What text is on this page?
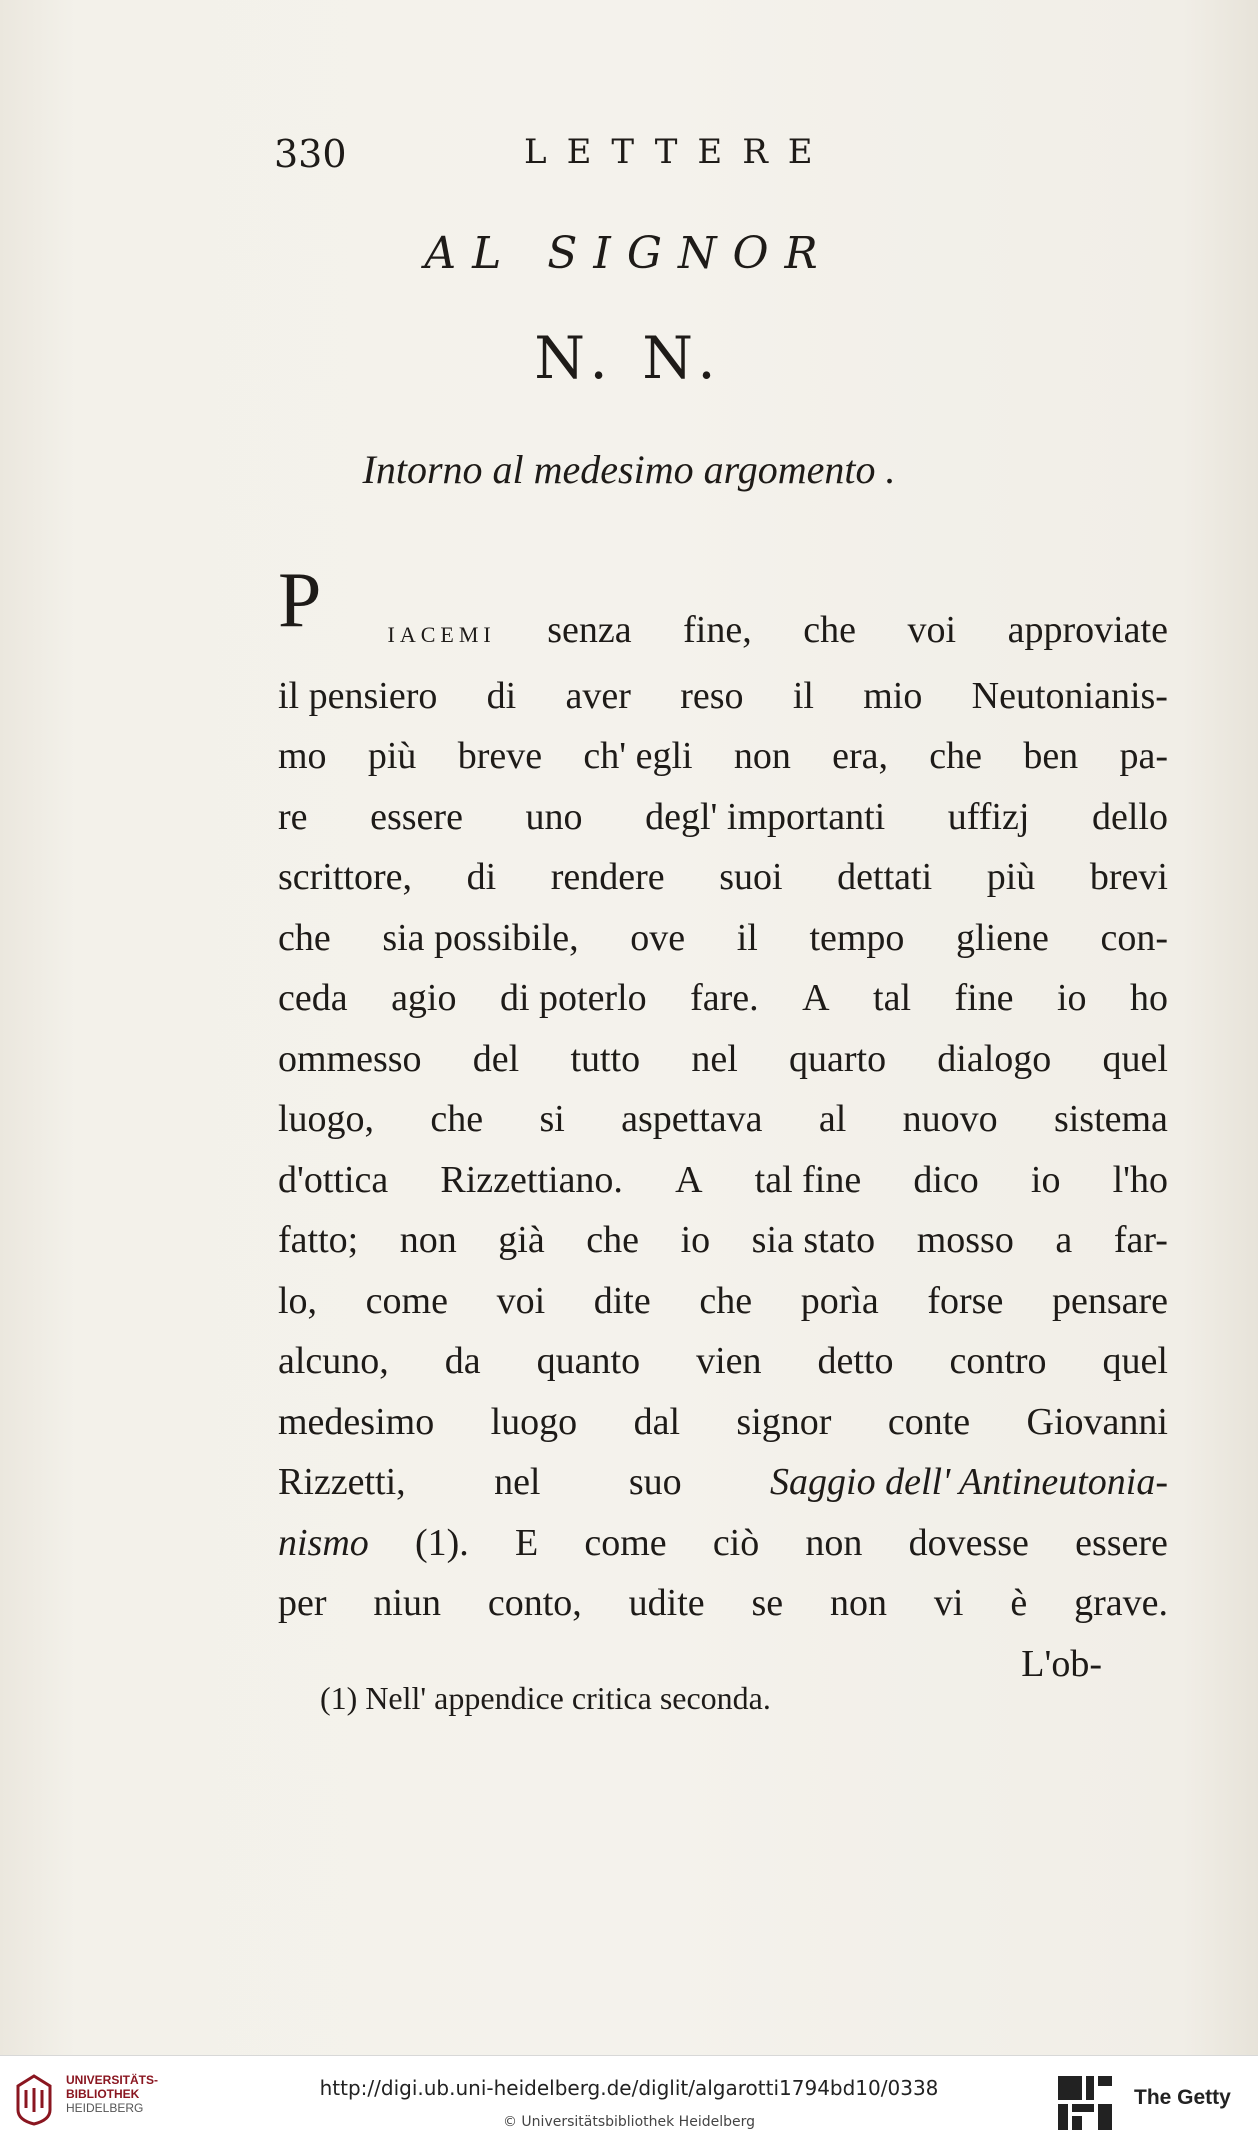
330	LETTERE
AL SIGNOR
N. N.
Intorno al medesimo argomento .
P	IACEMI senza fine, che voi approviate
il pensiero di aver reso il mio Neutonianis-
mo più breve ch' egli non era, che ben pa-
re essere uno degl' importanti uffizj dello
scrittore, di rendere suoi dettati più brevi
che sia possibile, ove il tempo gliene con-
ceda agio di poterlo fare. A tal fine io ho
ommesso del tutto nel quarto dialogo quel
luogo, che si aspettava al nuovo sistema
d'ottica Rizzettiano. A tal fine dico io l'ho
fatto; non già che io sia stato mosso a far-
lo, come voi dite che porìa forse pensare
alcuno, da quanto vien detto contro quel
medesimo luogo dal signor conte Giovanni
Rizzetti, nel suo Saggio dell' Antineutonia-
nismo (1). E come ciò non dovesse essere
per niun conto, udite se non vi è grave.
L'ob-
(1) Nell' appendice critica seconda.
UNIVERSITÄTS-
BIBLIOTHEK
HEIDELBERG
http://digi.ub.uni-heidelberg.de/diglit/algarotti1794bd10/0338
© Universitätsbibliothek Heidelberg
The Getty
